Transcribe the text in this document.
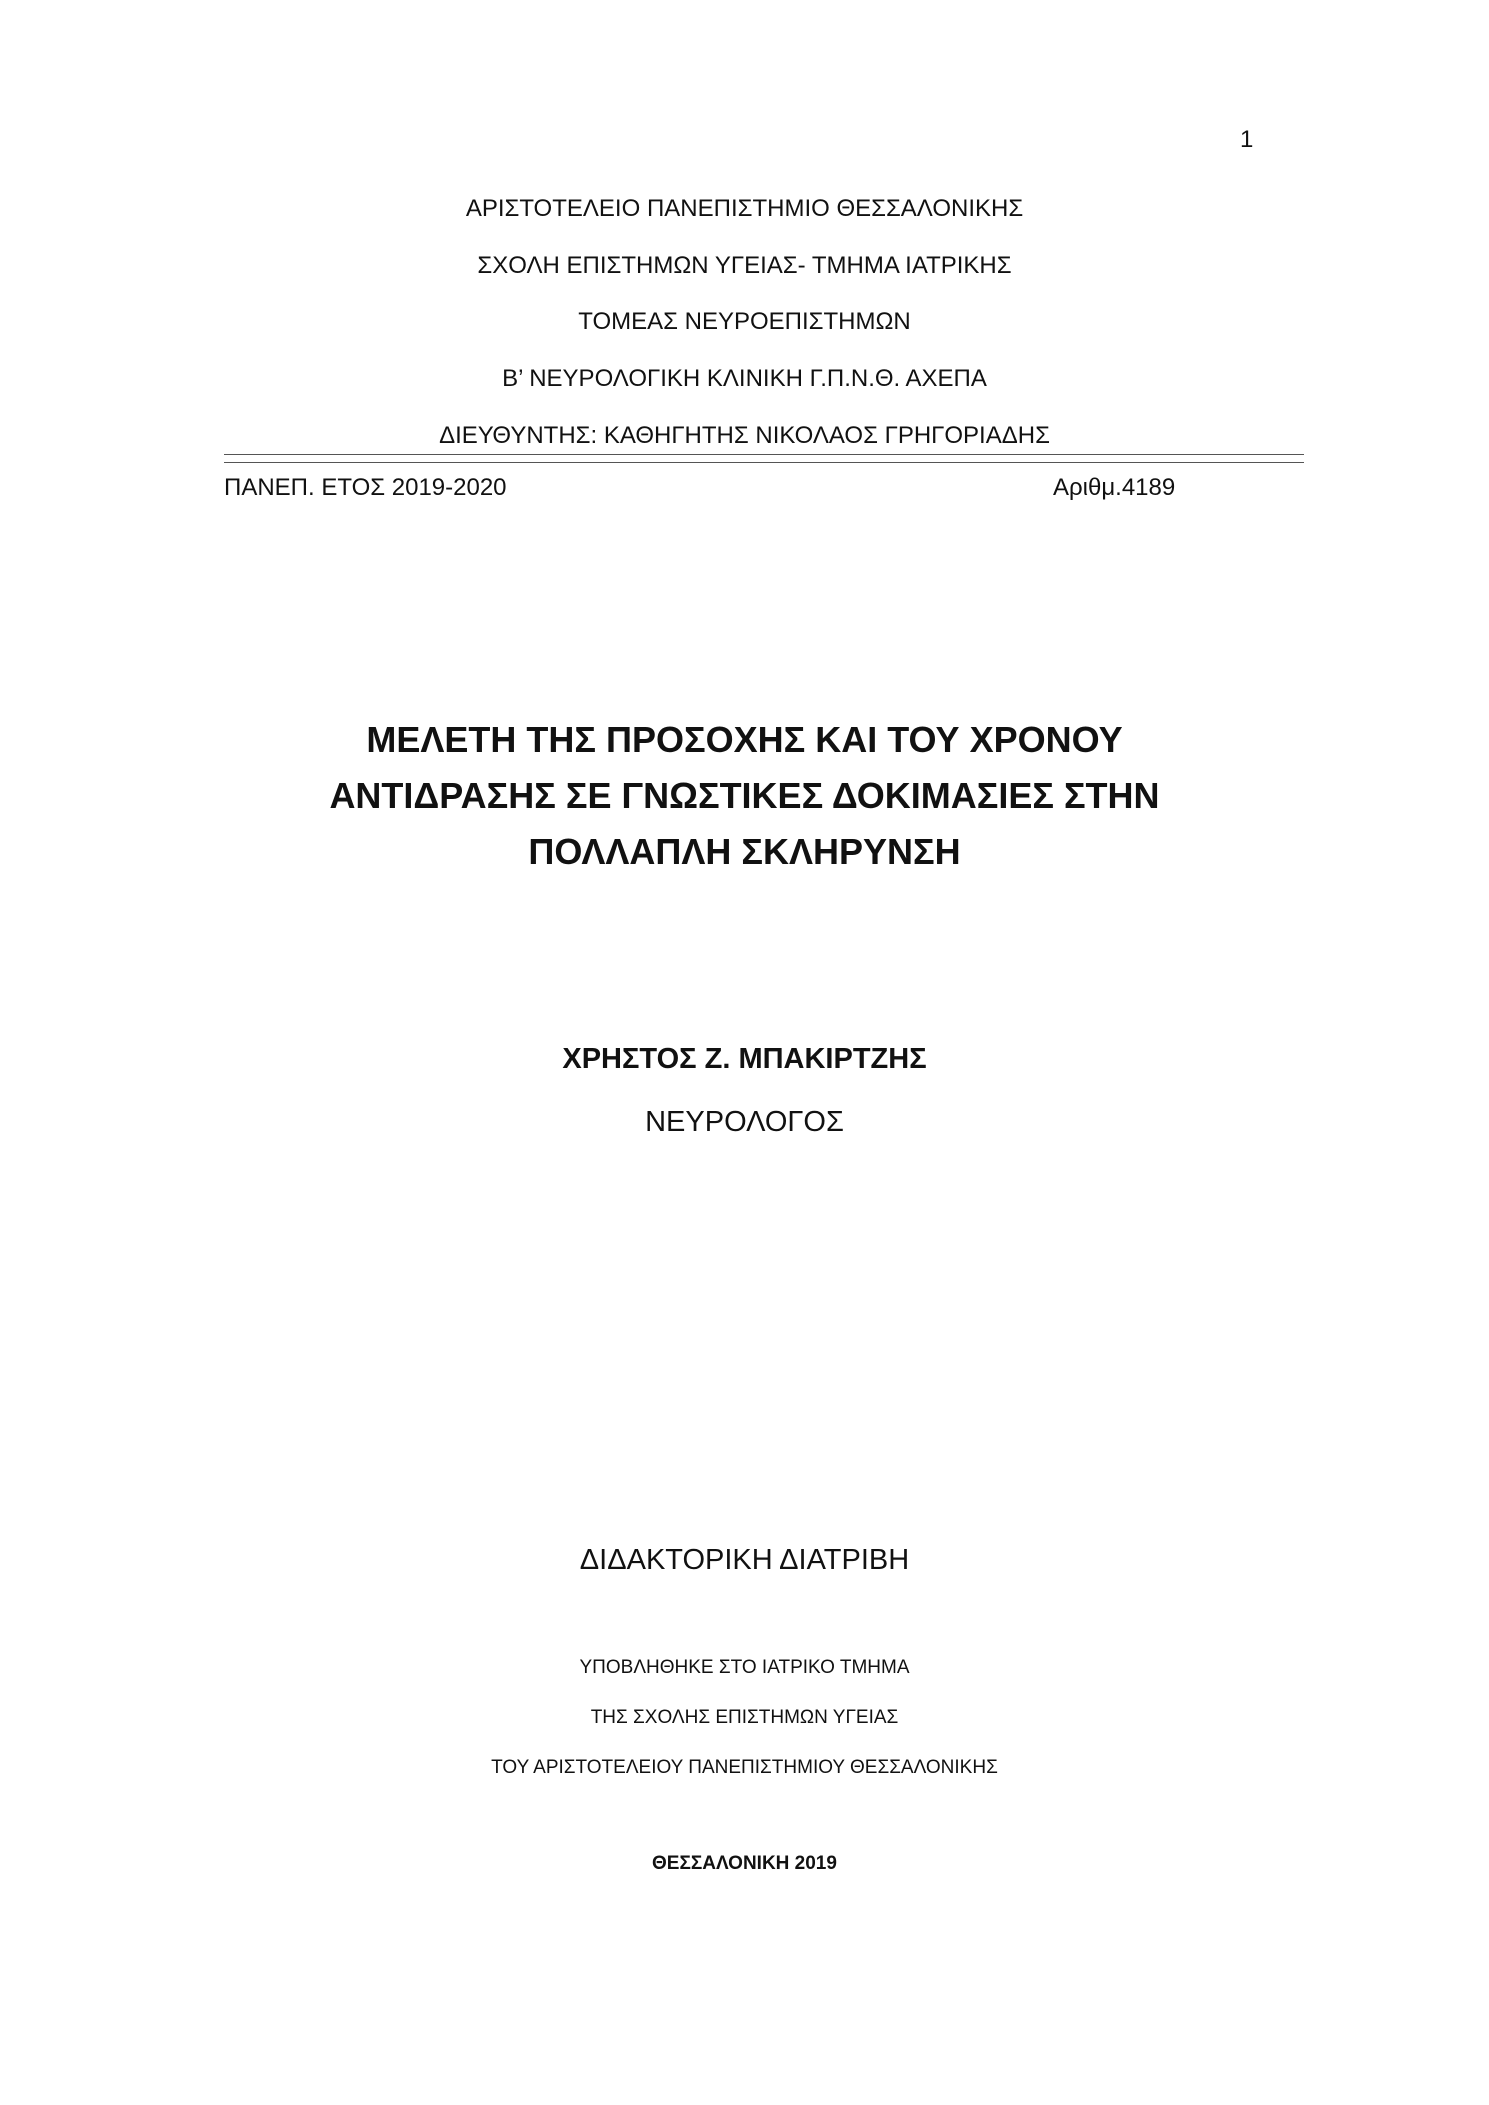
1
ΑΡΙΣΤΟΤΕΛΕΙΟ ΠΑΝΕΠΙΣΤΗΜΙΟ ΘΕΣΣΑΛΟΝΙΚΗΣ
ΣΧΟΛΗ ΕΠΙΣΤΗΜΩΝ ΥΓΕΙΑΣ- ΤΜΗΜΑ ΙΑΤΡΙΚΗΣ
ΤΟΜΕΑΣ ΝΕΥΡΟΕΠΙΣΤΗΜΩΝ
Β’ ΝΕΥΡΟΛΟΓΙΚΗ ΚΛΙΝΙΚΗ Γ.Π.Ν.Θ. ΑΧΕΠΑ
ΔΙΕΥΘΥΝΤΗΣ: ΚΑΘΗΓΗΤΗΣ ΝΙΚΟΛΑΟΣ ΓΡΗΓΟΡΙΑΔΗΣ
ΠΑΝΕΠ. ΕΤΟΣ 2019-2020	Αριθμ.4189
ΜΕΛΕΤΗ ΤΗΣ ΠΡΟΣΟΧΗΣ ΚΑΙ ΤΟΥ ΧΡΟΝΟΥ
ΑΝΤΙΔΡΑΣΗΣ ΣΕ ΓΝΩΣΤΙΚΕΣ ΔΟΚΙΜΑΣΙΕΣ ΣΤΗΝ
ΠΟΛΛΑΠΛΗ ΣΚΛΗΡΥΝΣΗ
ΧΡΗΣΤΟΣ Ζ. ΜΠΑΚΙΡΤΖΗΣ
ΝΕΥΡΟΛΟΓΟΣ
ΔΙΔΑΚΤΟΡΙΚΗ ΔΙΑΤΡΙΒΗ
ΥΠΟΒΛΗΘΗΚΕ ΣΤΟ ΙΑΤΡΙΚΟ ΤΜΗΜΑ
ΤΗΣ ΣΧΟΛΗΣ ΕΠΙΣΤΗΜΩΝ ΥΓΕΙΑΣ
ΤΟΥ ΑΡΙΣΤΟΤΕΛΕΙΟΥ ΠΑΝΕΠΙΣΤΗΜΙΟΥ ΘΕΣΣΑΛΟΝΙΚΗΣ
ΘΕΣΣΑΛΟΝΙΚΗ 2019
